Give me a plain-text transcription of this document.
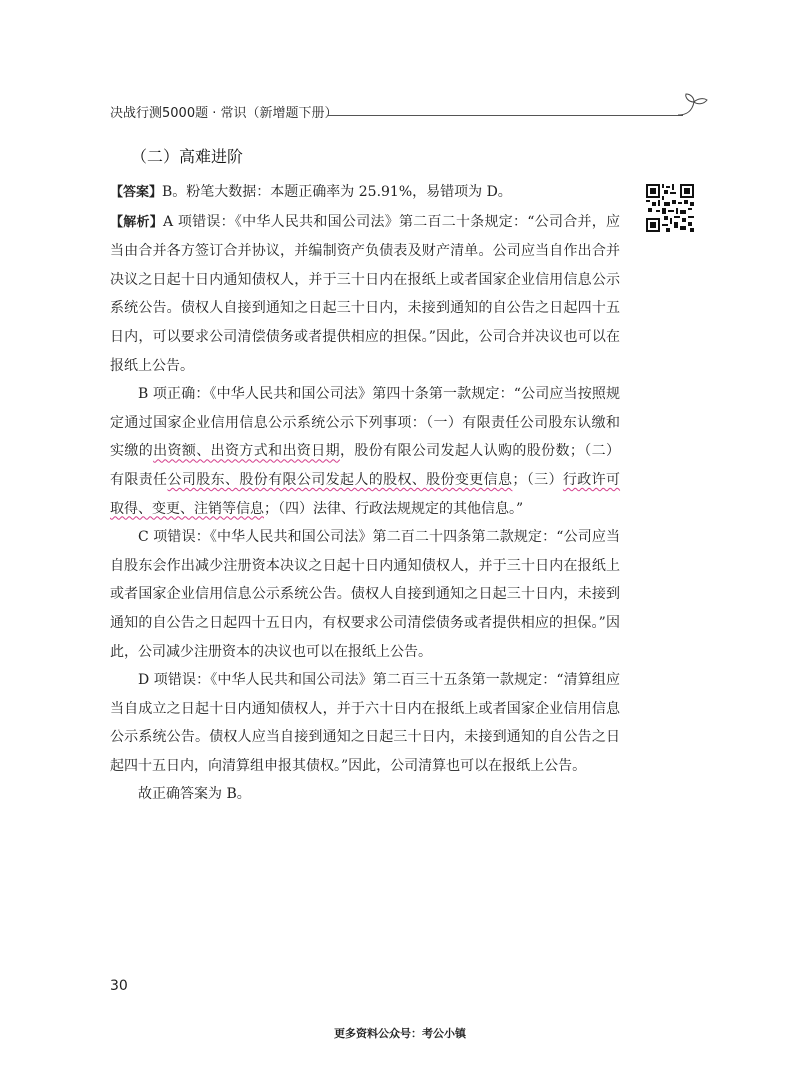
决战行测5000题 · 常识（新增题下册）
（二）高难进阶

【答案】B。粉笔大数据：本题正确率为 25.91%，易错项为 D。

【解析】A 项错误：《中华人民共和国公司法》第二百二十条规定：“公司合并，应当由合并各方签订合并协议，并编制资产负债表及财产清单。公司应当自作出合并决议之日起十日内通知债权人，并于三十日内在报纸上或者国家企业信用信息公示系统公告。债权人自接到通知之日起三十日内，未接到通知的自公告之日起四十五日内，可以要求公司清偿债务或者提供相应的担保。”因此，公司合并决议也可以在报纸上公告。

B 项正确：《中华人民共和国公司法》第四十条第一款规定：“公司应当按照规定通过国家企业信用信息公示系统公示下列事项：（一）有限责任公司股东认缴和实缴的出资额、出资方式和出资日期，股份有限公司发起人认购的股份数；（二）有限责任公司股东、股份有限公司发起人的股权、股份变更信息；（三）行政许可取得、变更、注销等信息；（四）法律、行政法规规定的其他信息。”

C 项错误：《中华人民共和国公司法》第二百二十四条第二款规定：“公司应当自股东会作出减少注册资本决议之日起十日内通知债权人，并于三十日内在报纸上或者国家企业信用信息公示系统公告。债权人自接到通知之日起三十日内，未接到通知的自公告之日起四十五日内，有权要求公司清偿债务或者提供相应的担保。”因此，公司减少注册资本的决议也可以在报纸上公告。

D 项错误：《中华人民共和国公司法》第二百三十五条第一款规定：“清算组应当自成立之日起十日内通知债权人，并于六十日内在报纸上或者国家企业信用信息公示系统公告。债权人应当自接到通知之日起三十日内，未接到通知的自公告之日起四十五日内，向清算组申报其债权。”因此，公司清算也可以在报纸上公告。

故正确答案为 B。

30
更多资料公众号：考公小镇
